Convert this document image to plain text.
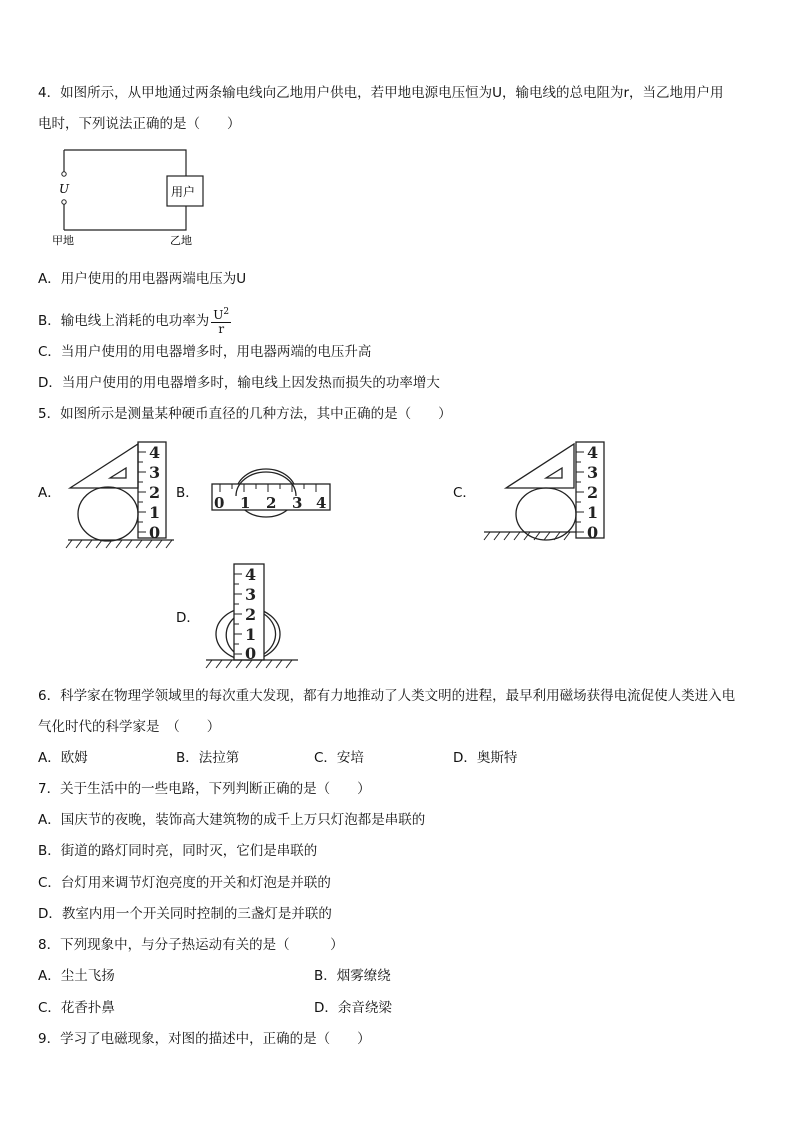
4．如图所示，从甲地通过两条输电线向乙地用户供电，若甲地电源电压恒为U，输电线的总电阻为r，当乙地用户用
电时，下列说法正确的是（　　）
U	用户
甲地	乙地
A．用户使用的用电器两端电压为U
B．输电线上消耗的电功率为 $\frac{U^2}{r}$
C．当用户使用的用电器增多时，用电器两端的电压升高
D．当用户使用的用电器增多时，输电线上因发热而损失的功率增大
5．如图所示是测量某种硬币直径的几种方法，其中正确的是（　　）
A．	B．	C．
D．
4
3
2
1
0
0 1 2 3 4
4
3
2
1
0
4
3
2
1
0
6．科学家在物理学领域里的每次重大发现，都有力地推动了人类文明的进程，最早利用磁场获得电流促使人类进入电
气化时代的科学家是　（　　）
A．欧姆	B．法拉第	C．安培	D．奥斯特
7．关于生活中的一些电路，下列判断正确的是（　　）
A．国庆节的夜晚，装饰高大建筑物的成千上万只灯泡都是串联的
B．街道的路灯同时亮，同时灭，它们是串联的
C．台灯用来调节灯泡亮度的开关和灯泡是并联的
D．教室内用一个开关同时控制的三盏灯是并联的
8．下列现象中，与分子热运动有关的是（　　　）
A．尘土飞扬	B．烟雾缭绕
C．花香扑鼻	D．余音绕梁
9．学习了电磁现象，对图的描述中，正确的是（　　）
